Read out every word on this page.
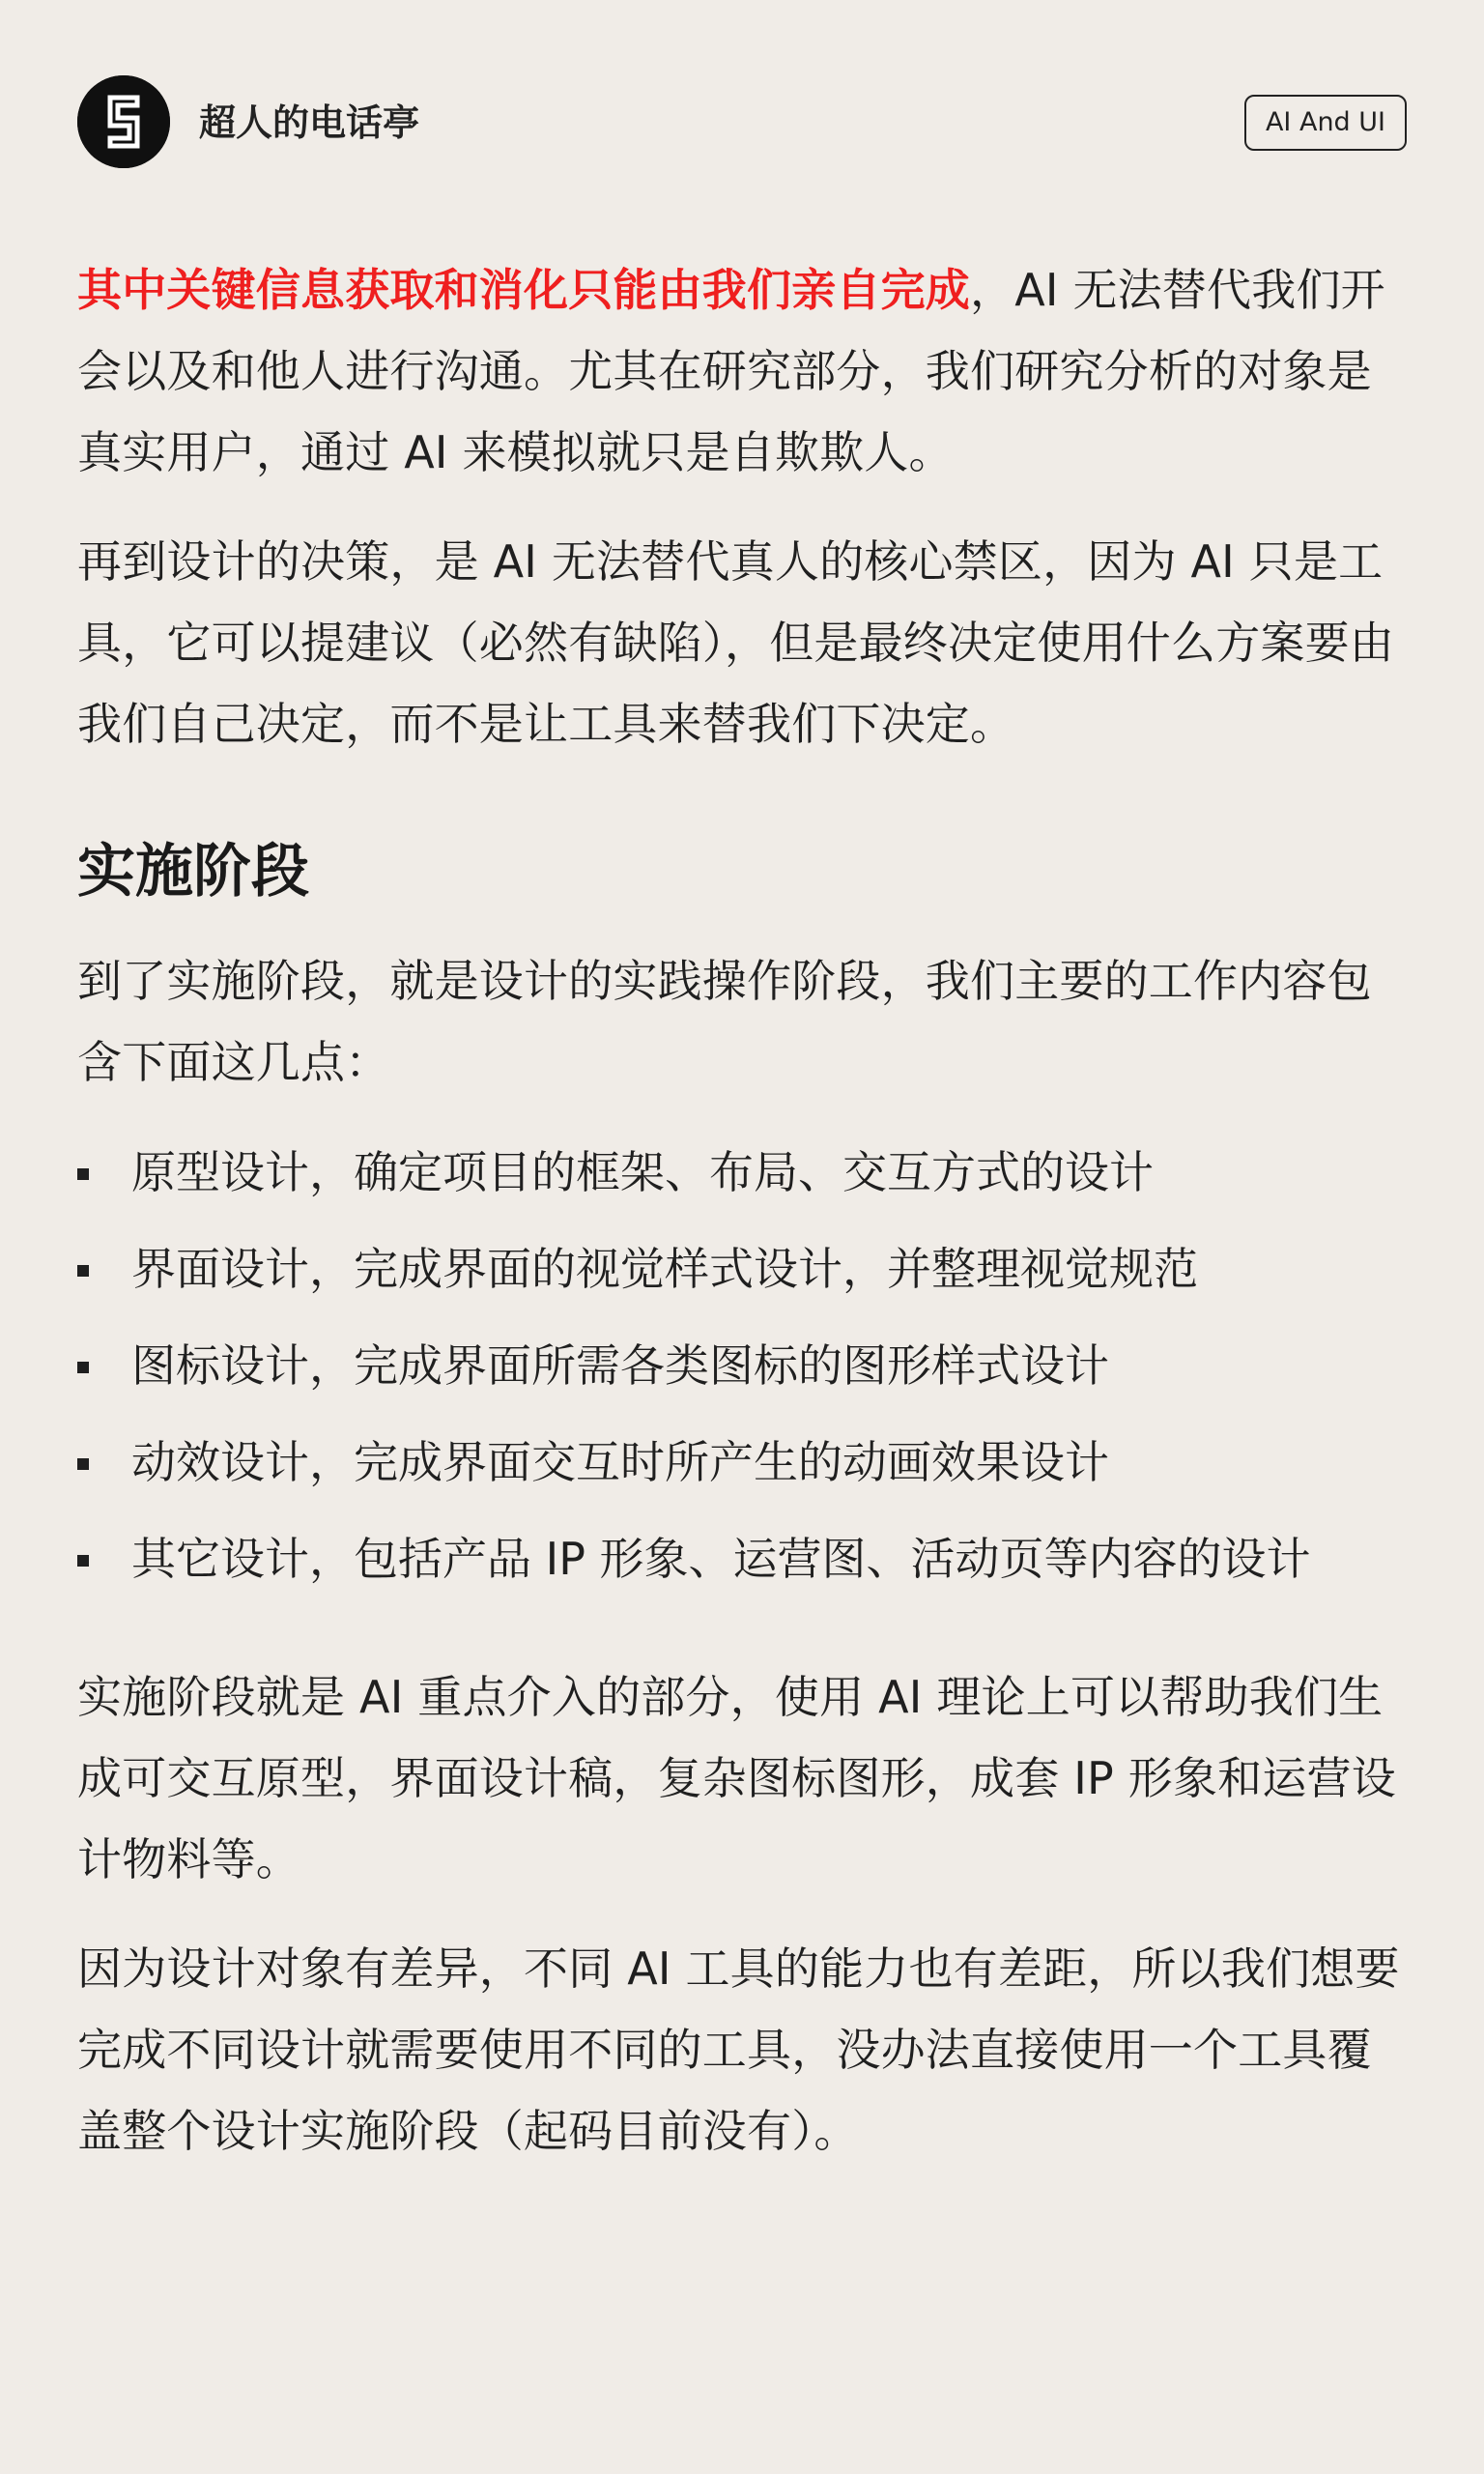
超人的电话亭	AI And UI

其中关键信息获取和消化只能由我们亲自完成，AI 无法替代我们开会以及和他人进行沟通。尤其在研究部分，我们研究分析的对象是真实用户，通过 AI 来模拟就只是自欺欺人。

再到设计的决策，是 AI 无法替代真人的核心禁区，因为 AI 只是工具，它可以提建议（必然有缺陷），但是最终决定使用什么方案要由我们自己决定，而不是让工具来替我们下决定。

实施阶段

到了实施阶段，就是设计的实践操作阶段，我们主要的工作内容包含下面这几点：

原型设计，确定项目的框架、布局、交互方式的设计
界面设计，完成界面的视觉样式设计，并整理视觉规范
图标设计，完成界面所需各类图标的图形样式设计
动效设计，完成界面交互时所产生的动画效果设计
其它设计，包括产品 IP 形象、运营图、活动页等内容的设计

实施阶段就是 AI 重点介入的部分，使用 AI 理论上可以帮助我们生成可交互原型，界面设计稿，复杂图标图形，成套 IP 形象和运营设计物料等。

因为设计对象有差异，不同 AI 工具的能力也有差距，所以我们想要完成不同设计就需要使用不同的工具，没办法直接使用一个工具覆盖整个设计实施阶段（起码目前没有）。
